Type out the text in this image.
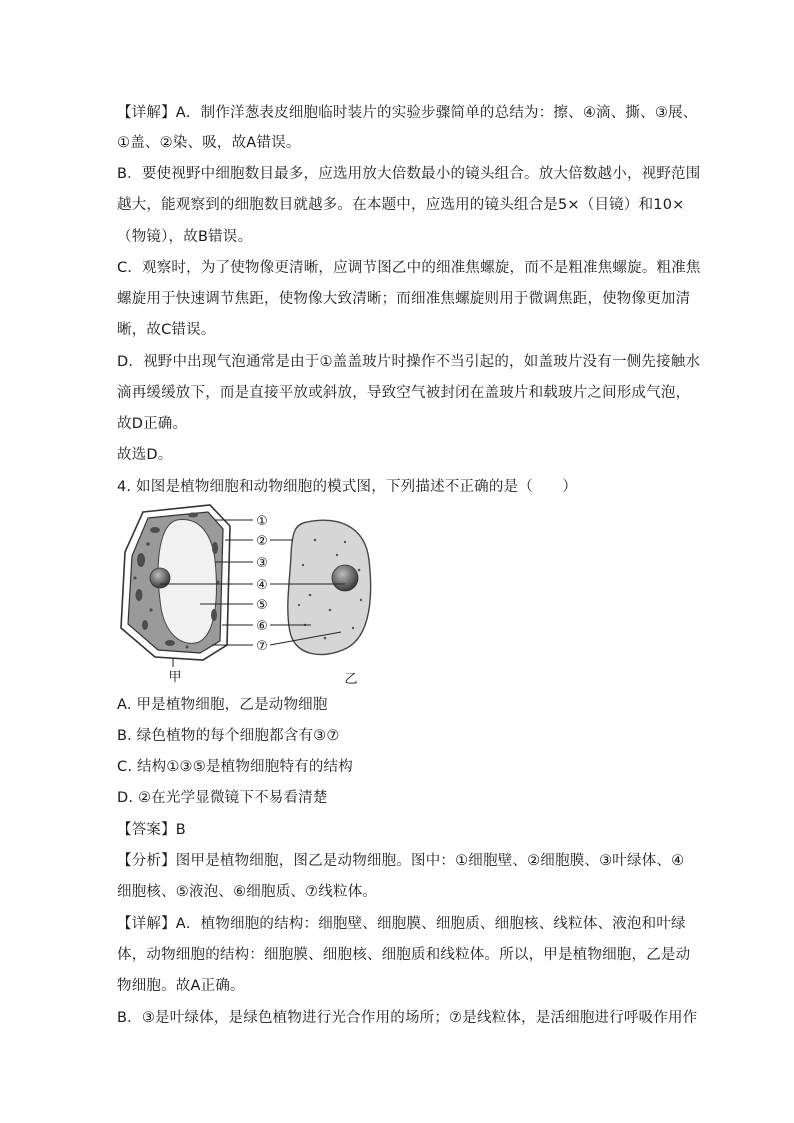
【详解】A．制作洋葱表皮细胞临时装片的实验步骤简单的总结为：擦、④滴、撕、③展、
①盖、②染、吸，故A错误。
B．要使视野中细胞数目最多，应选用放大倍数最小的镜头组合。放大倍数越小，视野范围
越大，能观察到的细胞数目就越多。在本题中，应选用的镜头组合是5×（目镜）和10×
（物镜），故B错误。
C．观察时，为了使物像更清晰，应调节图乙中的细准焦螺旋，而不是粗准焦螺旋。粗准焦
螺旋用于快速调节焦距，使物像大致清晰；而细准焦螺旋则用于微调焦距，使物像更加清
晰，故C错误。
D．视野中出现气泡通常是由于①盖盖玻片时操作不当引起的，如盖玻片没有一侧先接触水
滴再缓缓放下，而是直接平放或斜放，导致空气被封闭在盖玻片和载玻片之间形成气泡，
故D正确。
故选D。
4. 如图是植物细胞和动物细胞的模式图，下列描述不正确的是（　　）
①
②
③
④
⑤
⑥
⑦
甲	乙
A. 甲是植物细胞，乙是动物细胞
B. 绿色植物的每个细胞都含有③⑦
C. 结构①③⑤是植物细胞特有的结构
D. ②在光学显微镜下不易看清楚
【答案】B
【分析】图甲是植物细胞，图乙是动物细胞。图中：①细胞壁、②细胞膜、③叶绿体、④
细胞核、⑤液泡、⑥细胞质、⑦线粒体。
【详解】A．植物细胞的结构：细胞壁、细胞膜、细胞质、细胞核、线粒体、液泡和叶绿
体，动物细胞的结构：细胞膜、细胞核、细胞质和线粒体。所以，甲是植物细胞，乙是动
物细胞。故A正确。
B．③是叶绿体，是绿色植物进行光合作用的场所；⑦是线粒体，是活细胞进行呼吸作用作
